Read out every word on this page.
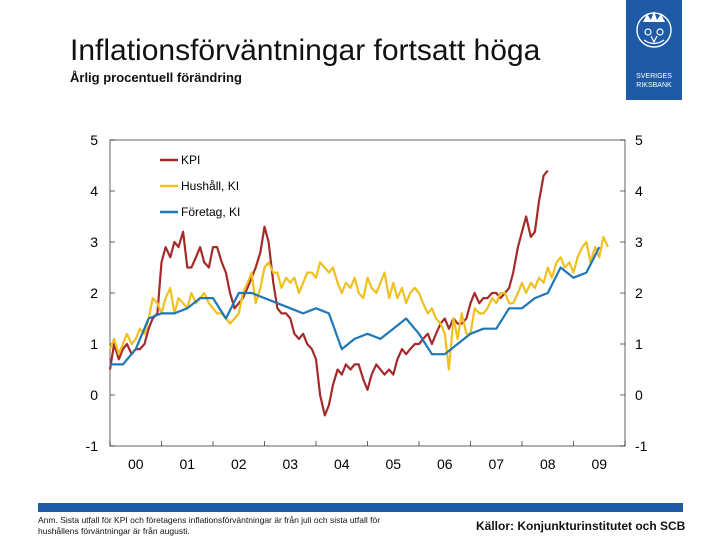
Inflationsförväntningar fortsatt höga
Årlig procentuell förändring	SVERIGES
RIKSBANK
-1	-1
0	0
1	1
2	2
3	3
4	4
5	5
00	01	02	03	04	05	06	07	08	09
KPI
Hushåll, KI
Företag, KI
Anm. Sista utfall för KPI och företagens inflationsförväntningar är från juli och sista utfall för hushållens förväntningar är från augusti.	Källor: Konjunkturinstitutet och SCB
